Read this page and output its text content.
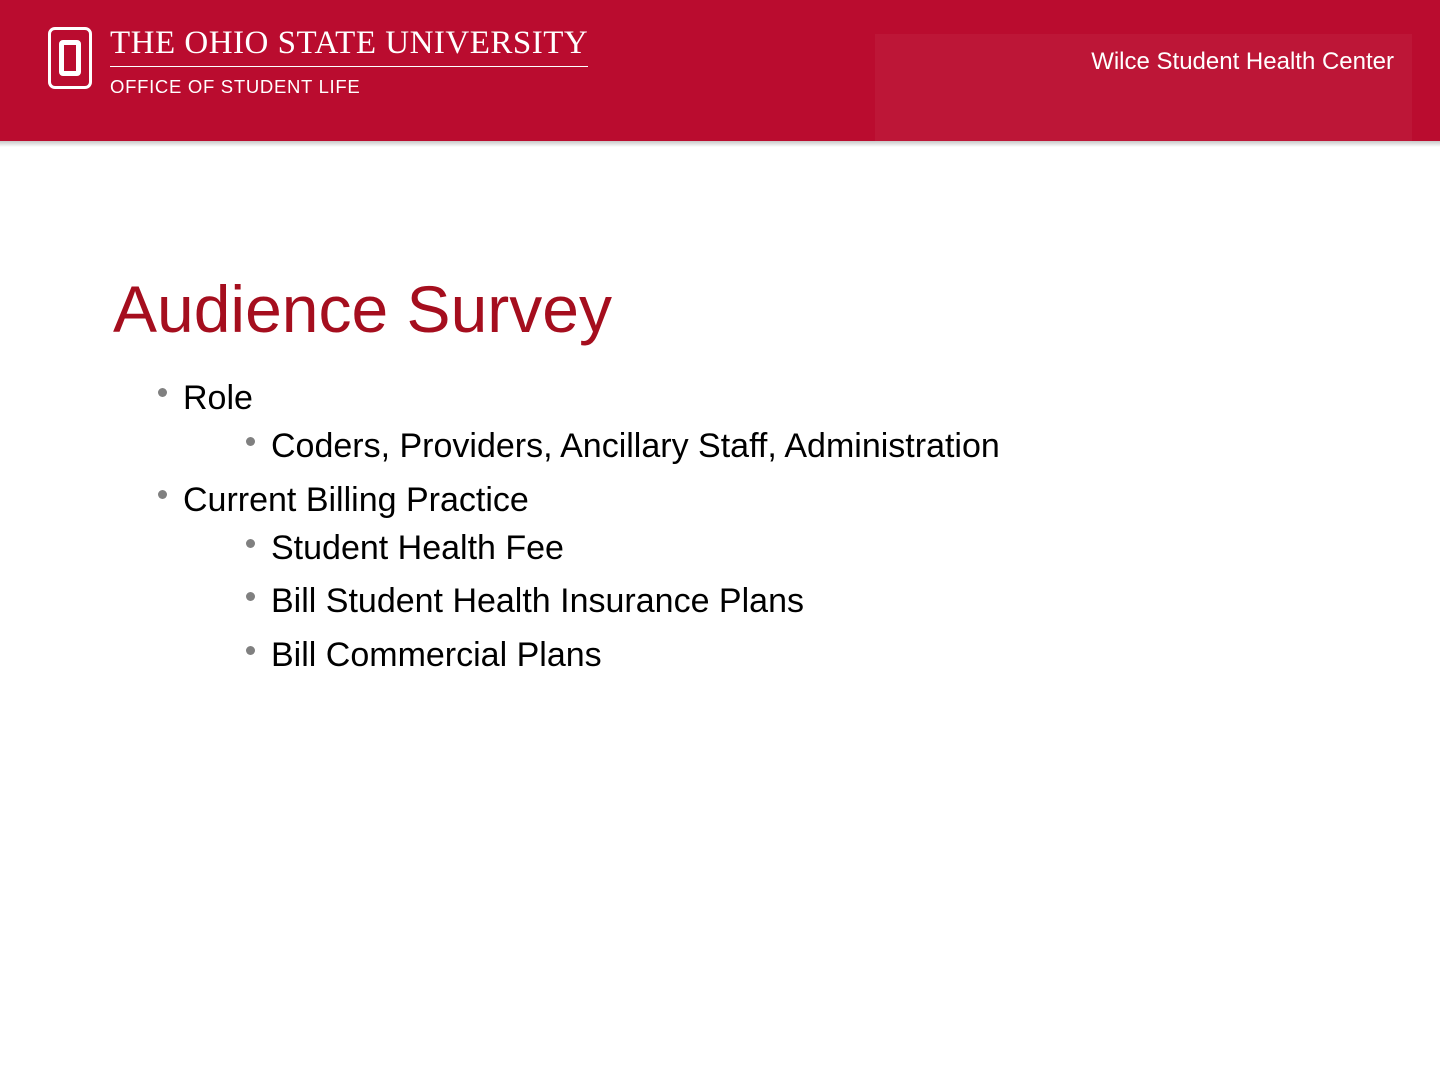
THE OHIO STATE UNIVERSITY
OFFICE OF STUDENT LIFE
Wilce Student Health Center
Audience Survey
Role
Coders, Providers, Ancillary Staff, Administration
Current Billing Practice
Student Health Fee
Bill Student Health Insurance Plans
Bill Commercial Plans
